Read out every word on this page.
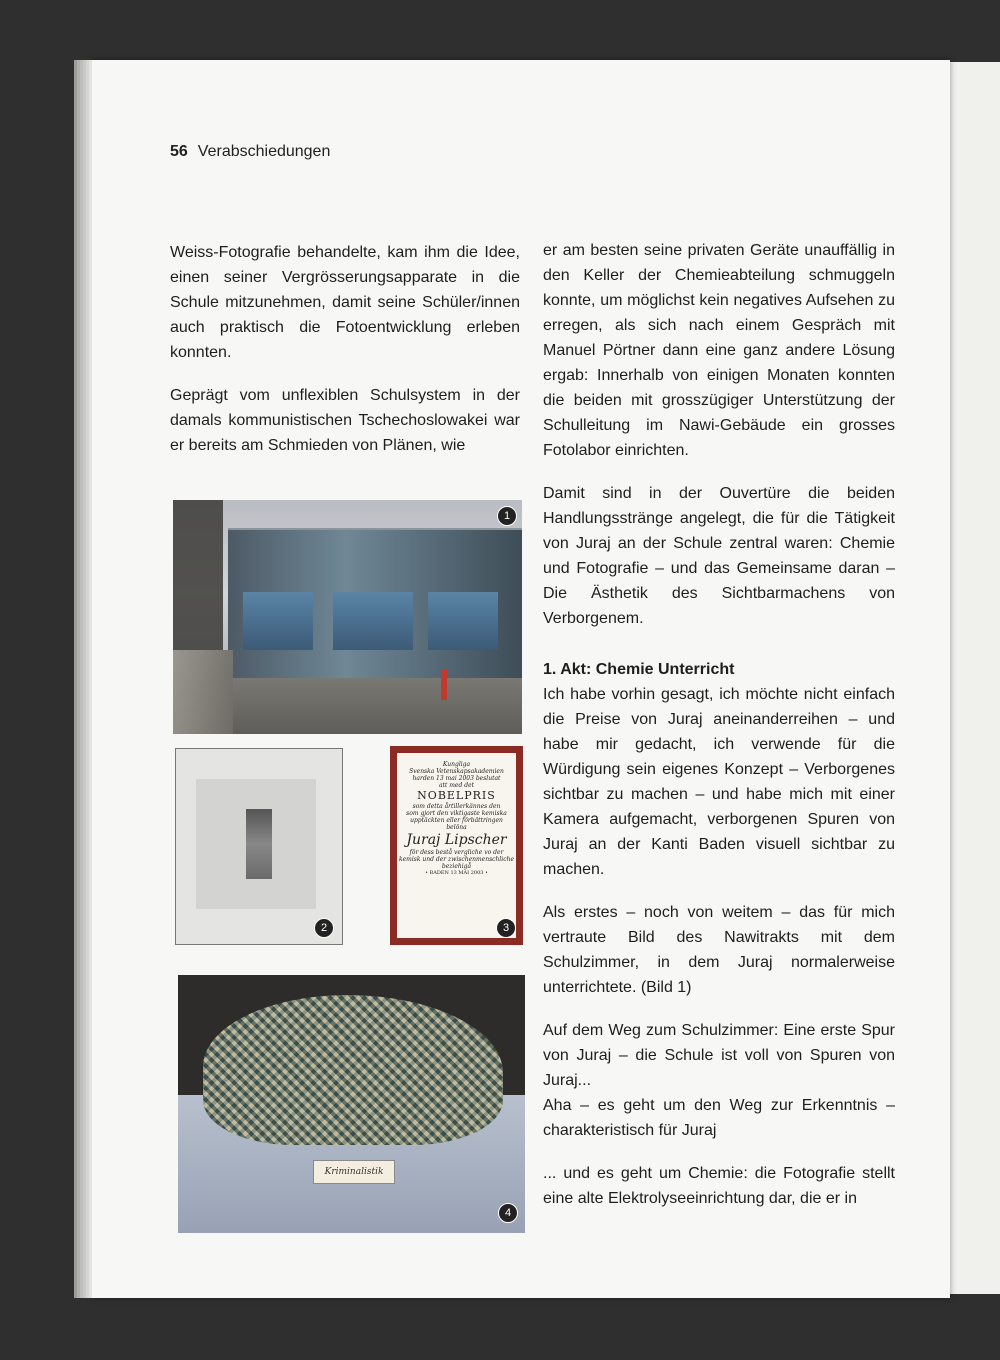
56 Verabschiedungen

Weiss-Fotografie behandelte, kam ihm die Idee, einen seiner Vergrösserungsapparate in die Schule mitzunehmen, damit seine Schüler/innen auch praktisch die Fotoentwicklung erleben konnten.

Geprägt vom unflexiblen Schulsystem in der damals kommunistischen Tschechoslowakei war er bereits am Schmieden von Plänen, wie

er am besten seine privaten Geräte unauffällig in den Keller der Chemieabteilung schmuggeln konnte, um möglichst kein negatives Aufsehen zu erregen, als sich nach einem Gespräch mit Manuel Pörtner dann eine ganz andere Lösung ergab: Innerhalb von einigen Monaten konnten die beiden mit grosszügiger Unterstützung der Schulleitung im Nawi-Gebäude ein grosses Fotolabor einrichten.

Damit sind in der Ouvertüre die beiden Handlungsstränge angelegt, die für die Tätigkeit von Juraj an der Schule zentral waren: Chemie und Fotografie – und das Gemeinsame daran – Die Ästhetik des Sichtbarmachens von Verborgenem.

1. Akt: Chemie Unterricht

Ich habe vorhin gesagt, ich möchte nicht einfach die Preise von Juraj aneinanderreihen – und habe mir gedacht, ich verwende für die Würdigung sein eigenes Konzept – Verborgenes sichtbar zu machen – und habe mich mit einer Kamera aufgemacht, verborgenen Spuren von Juraj an der Kanti Baden visuell sichtbar zu machen.

Als erstes – noch von weitem – das für mich vertraute Bild des Nawitrakts mit dem Schulzimmer, in dem Juraj normalerweise unterrichtete. (Bild 1)

Auf dem Weg zum Schulzimmer: Eine erste Spur von Juraj – die Schule ist voll von Spuren von Juraj...

Aha – es geht um den Weg zur Erkenntnis – charakteristisch für Juraj

... und es geht um Chemie: die Fotografie stellt eine alte Elektrolyseeinrichtung dar, die er in

1
2
Kungliga
Svenska Vetenskapsakademien
harden 13 mai 2003 beslutat
att med det
NOBELPRIS
som detta årtillerkännes den
som gjort den viktigaste kemiska
upptäckten eller förbättringen
belöna
Juraj Lipscher
för dess bestå vergliche vo der
kemisk und der zwischenmenschliche
beziehigå
• BADEN 13 MAI 2003 •
3
Kriminalistik
4
